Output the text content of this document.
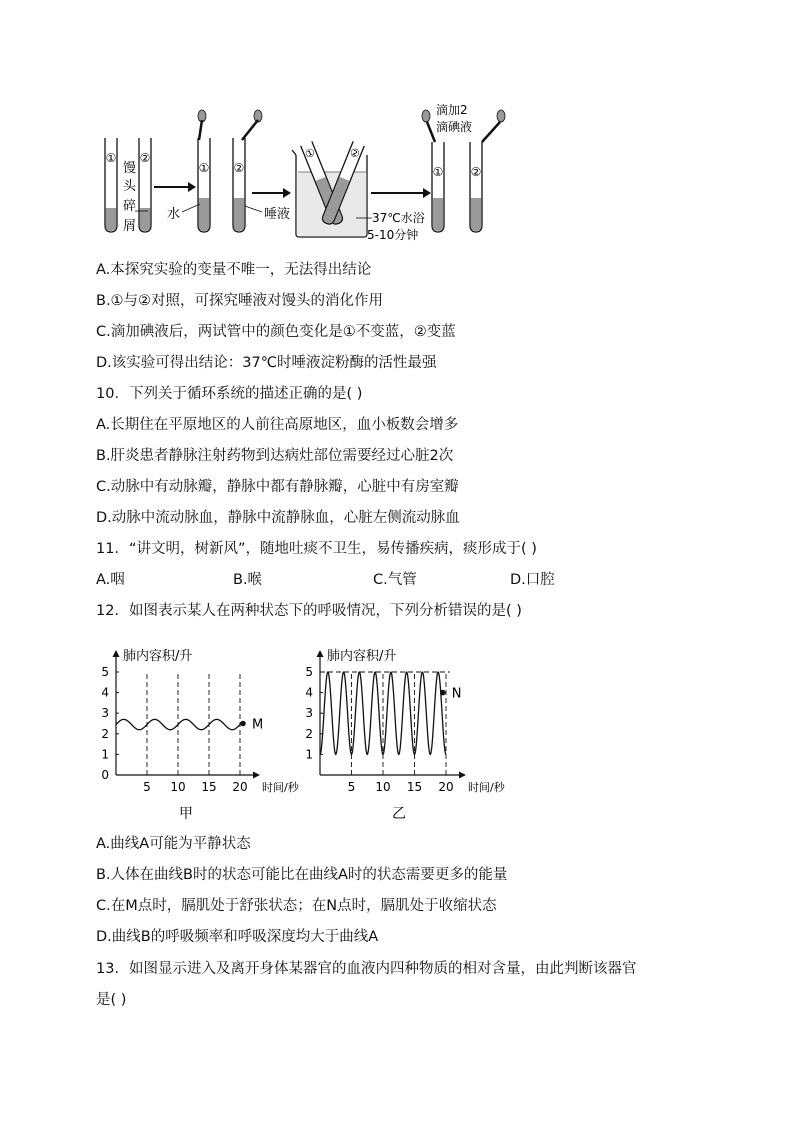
① ②
馒
头
碎
屑
①
水
②
唾液
①	②
37℃水浴
5-10分钟
滴加2
滴碘液
① ②
A.本探究实验的变量不唯一，无法得出结论
B.①与②对照，可探究唾液对馒头的消化作用
C.滴加碘液后，两试管中的颜色变化是①不变蓝，②变蓝
D.该实验可得出结论：37℃时唾液淀粉酶的活性最强
10．下列关于循环系统的描述正确的是( )
A.长期住在平原地区的人前往高原地区，血小板数会增多
B.肝炎患者静脉注射药物到达病灶部位需要经过心脏2次
C.动脉中有动脉瓣，静脉中都有静脉瓣，心脏中有房室瓣
D.动脉中流动脉血，静脉中流静脉血，心脏左侧流动脉血
11．“讲文明，树新风”，随地吐痰不卫生，易传播疾病，痰形成于( )
A.咽	B.喉	C.气管	D.口腔
12．如图表示某人在两种状态下的呼吸情况，下列分析错误的是( )
肺内容积/升
时间/秒
0
1
2
3
4
5
5 10 15 20
M
甲
肺内容积/升
时间/秒
1
2
3
4
5
5 10 15 20
N
乙
A.曲线A可能为平静状态
B.人体在曲线B时的状态可能比在曲线A时的状态需要更多的能量
C.在M点时，膈肌处于舒张状态；在N点时，膈肌处于收缩状态
D.曲线B的呼吸频率和呼吸深度均大于曲线A
13．如图显示进入及离开身体某器官的血液内四种物质的相对含量，由此判断该器官
是( )
